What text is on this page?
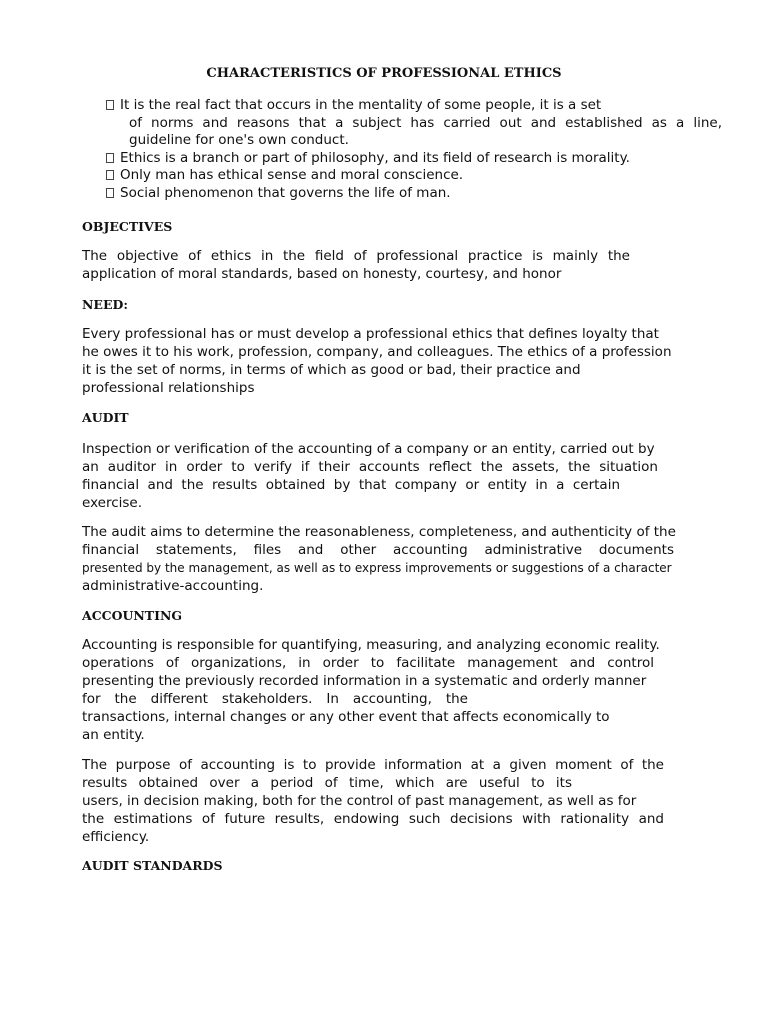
CHARACTERISTICS OF PROFESSIONAL ETHICS
It is the real fact that occurs in the mentality of some people, it is a set
of norms and reasons that a subject has carried out and established as a line,
guideline for one's own conduct.
Ethics is a branch or part of philosophy, and its field of research is morality.
Only man has ethical sense and moral conscience.
Social phenomenon that governs the life of man.
OBJECTIVES

The objective of ethics in the field of professional practice is mainly the
application of moral standards, based on honesty, courtesy, and honor

NEED:

Every professional has or must develop a professional ethics that defines loyalty that
he owes it to his work, profession, company, and colleagues. The ethics of a profession
it is the set of norms, in terms of which as good or bad, their practice and
professional relationships

AUDIT

Inspection or verification of the accounting of a company or an entity, carried out by
an auditor in order to verify if their accounts reflect the assets, the situation
financial and the results obtained by that company or entity in a certain
exercise.

The audit aims to determine the reasonableness, completeness, and authenticity of the
financial statements, files and other accounting administrative documents
presented by the management, as well as to express improvements or suggestions of a character
administrative-accounting.

ACCOUNTING

Accounting is responsible for quantifying, measuring, and analyzing economic reality.
operations of organizations, in order to facilitate management and control
presenting the previously recorded information in a systematic and orderly manner
for the different stakeholders. In accounting, the
transactions, internal changes or any other event that affects economically to
an entity.

The purpose of accounting is to provide information at a given moment of the
results obtained over a period of time, which are useful to its
users, in decision making, both for the control of past management, as well as for
the estimations of future results, endowing such decisions with rationality and
efficiency.

AUDIT STANDARDS
